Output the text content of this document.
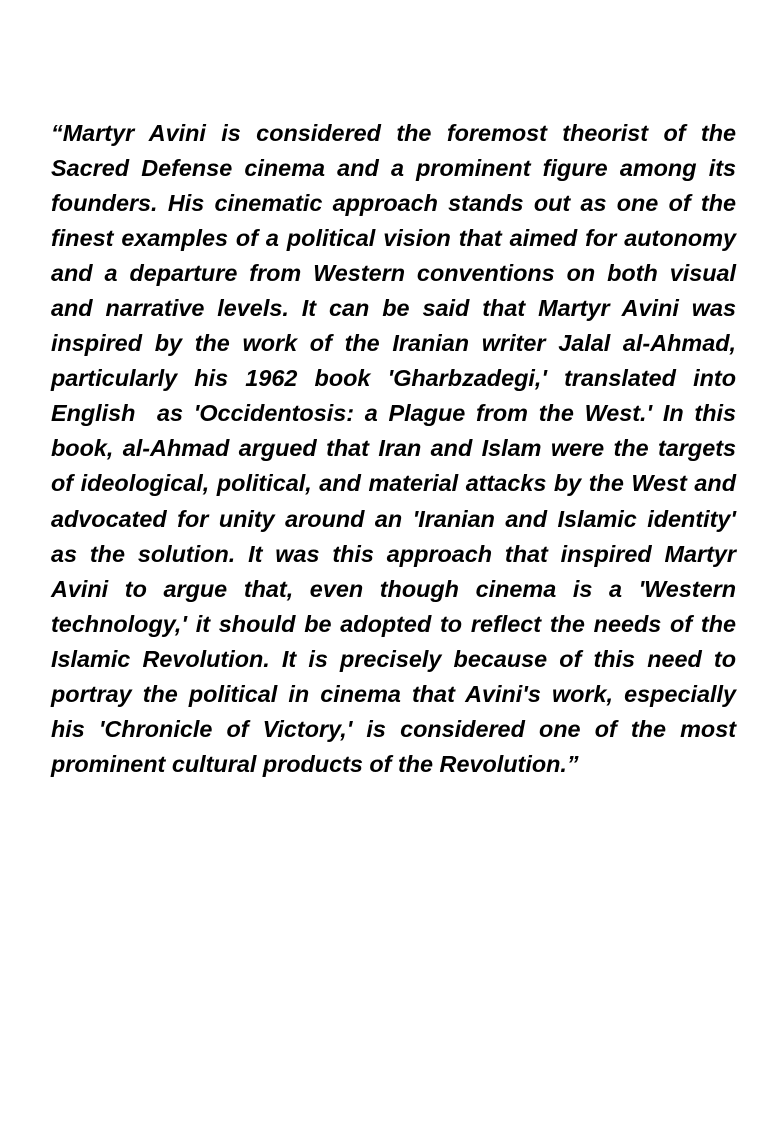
“Martyr Avini is considered the foremost theorist of the Sacred Defense cinema and a prominent figure among its founders. His cinematic approach stands out as one of the finest examples of a political vision that aimed for autonomy and a departure from Western conventions on both visual and narrative levels. It can be said that Martyr Avini was inspired by the work of the Iranian writer Jalal al-Ahmad, particularly his 1962 book 'Gharbzadegi,' translated into English  as 'Occidentosis: a Plague from the West.' In this book, al-Ahmad argued that Iran and Islam were the targets of ideological, political, and material attacks by the West and advocated for unity around an 'Iranian and Islamic identity' as the solution. It was this approach that inspired Martyr Avini to argue that, even though cinema is a 'Western technology,' it should be adopted to reflect the needs of the Islamic Revolution. It is precisely because of this need to portray the political in cinema that Avini's work, especially his 'Chronicle of Victory,' is considered one of the most prominent cultural products of the Revolution.”
